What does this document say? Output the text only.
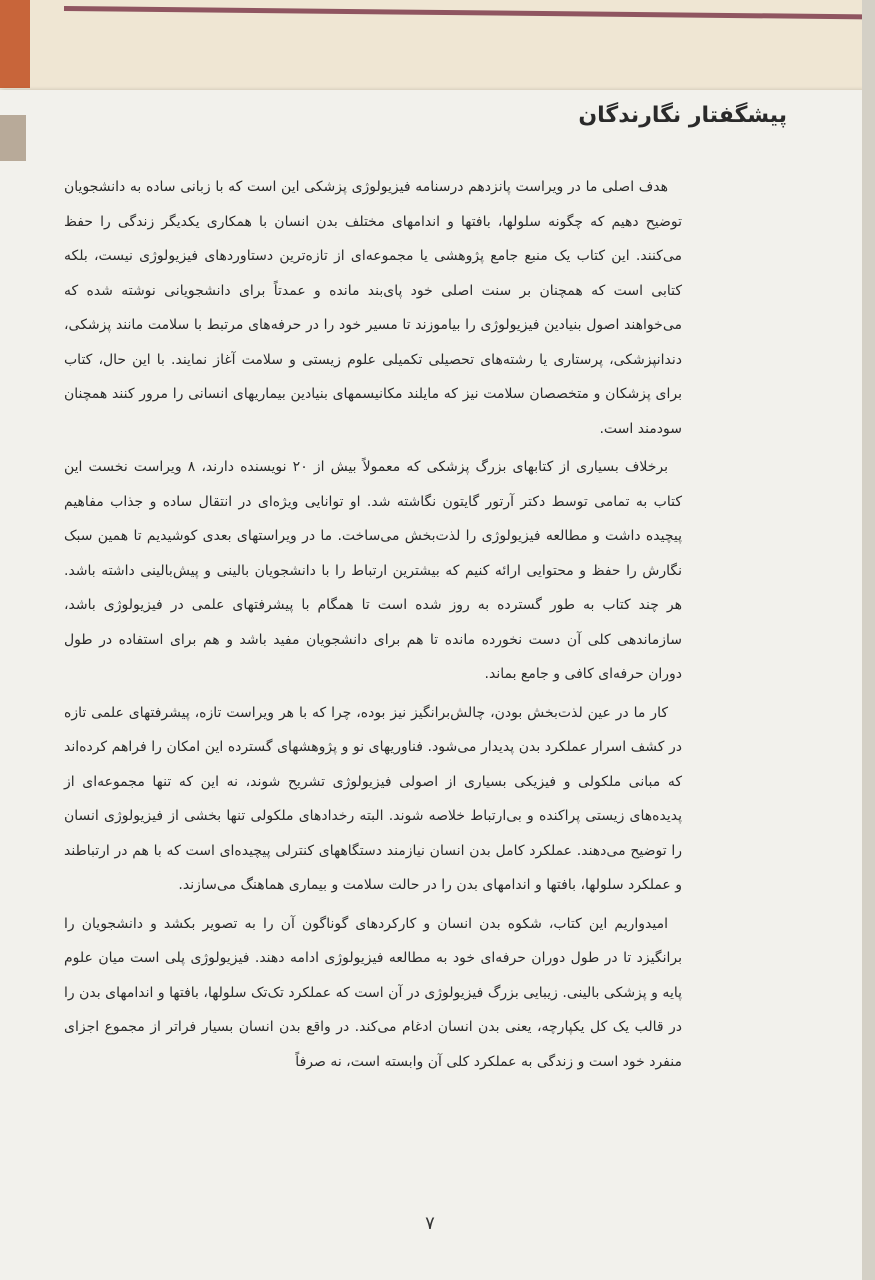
پیشگفتار نگارندگان

هدف اصلی ما در ویراست پانزدهم درسنامه فیزیولوژی پزشکی این است که با زبانی ساده به دانشجویان توضیح دهیم که چگونه سلولها، بافتها و اندامهای مختلف بدن انسان با همکاری یکدیگر زندگی را حفظ می‌کنند. این کتاب یک منبع جامع پژوهشی یا مجموعه‌ای از تازه‌ترین دستاوردهای فیزیولوژی نیست، بلکه کتابی است که همچنان بر سنت اصلی خود پای‌بند مانده و عمدتاً برای دانشجویانی نوشته شده که می‌خواهند اصول بنیادین فیزیولوژی را بیاموزند تا مسیر خود را در حرفه‌های مرتبط با سلامت مانند پزشکی، دندانپزشکی، پرستاری یا رشته‌های تحصیلی تکمیلی علوم زیستی و سلامت آغاز نمایند. با این حال، کتاب برای پزشکان و متخصصان سلامت نیز که مایلند مکانیسمهای بنیادین بیماریهای انسانی را مرور کنند همچنان سودمند است.

برخلاف بسیاری از کتابهای بزرگ پزشکی که معمولاً بیش از ۲۰ نویسنده دارند، ۸ ویراست نخست این کتاب به تمامی توسط دکتر آرتور گایتون نگاشته شد. او توانایی ویژه‌ای در انتقال ساده و جذاب مفاهیم پیچیده داشت و مطالعه فیزیولوژی را لذت‌بخش می‌ساخت. ما در ویراستهای بعدی کوشیدیم تا همین سبک نگارش را حفظ و محتوایی ارائه کنیم که بیشترین ارتباط را با دانشجویان بالینی و پیش‌بالینی داشته باشد. هر چند کتاب به طور گسترده به روز شده است تا همگام با پیشرفتهای علمی در فیزیولوژی باشد، سازماندهی کلی آن دست نخورده مانده تا هم برای دانشجویان مفید باشد و هم برای استفاده در طول دوران حرفه‌ای کافی و جامع بماند.

کار ما در عین لذت‌بخش بودن، چالش‌برانگیز نیز بوده، چرا که با هر ویراست تازه، پیشرفتهای علمی تازه در کشف اسرار عملکرد بدن پدیدار می‌شود. فناوریهای نو و پژوهشهای گسترده این امکان را فراهم کرده‌اند که مبانی ملکولی و فیزیکی بسیاری از اصولی فیزیولوژی تشریح شوند، نه این که تنها مجموعه‌ای از پدیده‌های زیستی پراکنده و بی‌ارتباط خلاصه شوند. البته رخدادهای ملکولی تنها بخشی از فیزیولوژی انسان را توضیح می‌دهند. عملکرد کامل بدن انسان نیازمند دستگاههای کنترلی پیچیده‌ای است که با هم در ارتباطند و عملکرد سلولها، بافتها و اندامهای بدن را در حالت سلامت و بیماری هماهنگ می‌سازند.

امیدواریم این کتاب، شکوه بدن انسان و کارکردهای گوناگون آن را به تصویر بکشد و دانشجویان را برانگیزد تا در طول دوران حرفه‌ای خود به مطالعه فیزیولوژی ادامه دهند. فیزیولوژی پلی است میان علوم پایه و پزشکی بالینی. زیبایی بزرگ فیزیولوژی در آن است که عملکرد تک‌تک سلولها، بافتها و اندامهای بدن را در قالب یک کل یکپارچه، یعنی بدن انسان ادغام می‌کند. در واقع بدن انسان بسیار فراتر از مجموع اجزای منفرد خود است و زندگی به عملکرد کلی آن وابسته است، نه صرفاً

۷
